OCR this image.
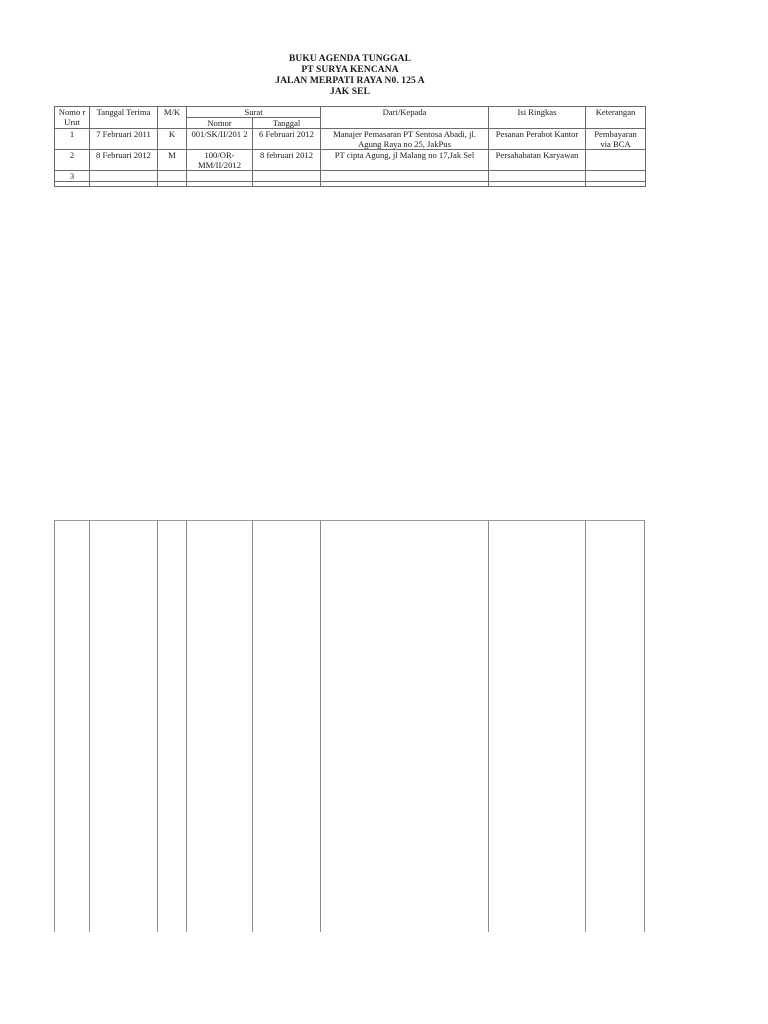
BUKU AGENDA TUNGGAL
PT SURYA KENCANA
JALAN MERPATI RAYA N0. 125 A
JAK SEL
Nomo r Urut	Tanggal Terima	M/K	Surat		Dari/Kepada	Isi Ringkas	Keterangan
			Nomor	Tanggal			
1	7 Februari 2011	K	001/SK/II/201 2	6 Februari 2012	Manajer Pemasaran PT Sentosa Abadi, jl. Agung Raya no 25, JakPus	Pesanan Perabot Kantor	Pembayaran via BCA
2	8 Februari 2012	M	100/OR-MM/II/2012	8 februari 2012	PT cipta Agung, jl Malang no 17,Jak Sel	Persahabatan Karyawan	
3							
